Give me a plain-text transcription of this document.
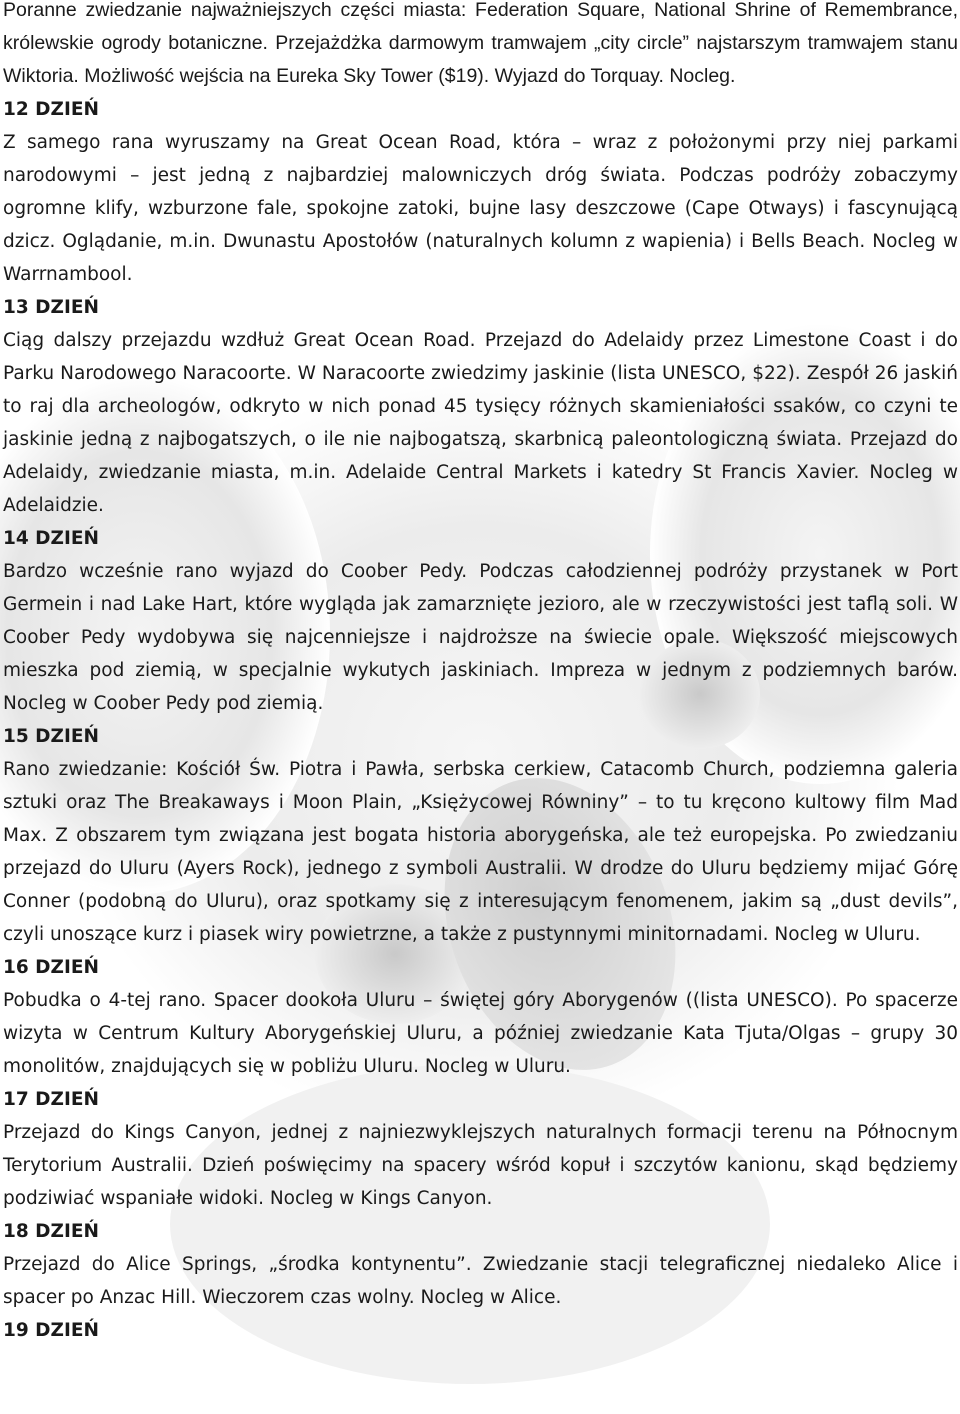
Poranne zwiedzanie najważniejszych części miasta: Federation Square, National Shrine of Remembrance, królewskie ogrody botaniczne. Przejażdżka darmowym tramwajem „city circle” najstarszym tramwajem stanu Wiktoria. Możliwość wejścia na Eureka Sky Tower ($19). Wyjazd do Torquay. Nocleg.

12 DZIEŃ

Z samego rana wyruszamy na Great Ocean Road, która – wraz z położonymi przy niej parkami narodowymi – jest jedną z najbardziej malowniczych dróg świata. Podczas podróży zobaczymy ogromne klify, wzburzone fale, spokojne zatoki, bujne lasy deszczowe (Cape Otways) i fascynującą dzicz. Oglądanie, m.in. Dwunastu Apostołów (naturalnych kolumn z wapienia) i Bells Beach. Nocleg w Warrnambool.

13 DZIEŃ

Ciąg dalszy przejazdu wzdłuż Great Ocean Road. Przejazd do Adelaidy przez Limestone Coast i do Parku Narodowego Naracoorte. W Naracoorte zwiedzimy jaskinie (lista UNESCO, $22). Zespół 26 jaskiń to raj dla archeologów, odkryto w nich ponad 45 tysięcy różnych skamieniałości ssaków, co czyni te jaskinie jedną z najbogatszych, o ile nie najbogatszą, skarbnicą paleontologiczną świata. Przejazd do Adelaidy, zwiedzanie miasta, m.in. Adelaide Central Markets i katedry St Francis Xavier. Nocleg w Adelaidzie.

14 DZIEŃ

Bardzo wcześnie rano wyjazd do Coober Pedy. Podczas całodziennej podróży przystanek w Port Germein i nad Lake Hart, które wygląda jak zamarznięte jezioro, ale w rzeczywistości jest taflą soli. W Coober Pedy wydobywa się najcenniejsze i najdroższe na świecie opale. Większość miejscowych mieszka pod ziemią, w specjalnie wykutych jaskiniach. Impreza w jednym z podziemnych barów. Nocleg w Coober Pedy pod ziemią.

15 DZIEŃ

Rano zwiedzanie: Kościół Św. Piotra i Pawła, serbska cerkiew, Catacomb Church, podziemna galeria sztuki oraz The Breakaways i Moon Plain, „Księżycowej Równiny” – to tu kręcono kultowy film Mad Max. Z obszarem tym związana jest bogata historia aborygeńska, ale też europejska. Po zwiedzaniu przejazd do Uluru (Ayers Rock), jednego z symboli Australii. W drodze do Uluru będziemy mijać Górę Conner (podobną do Uluru), oraz spotkamy się z interesującym fenomenem, jakim są „dust devils”, czyli unoszące kurz i piasek wiry powietrzne, a także z pustynnymi minitornadami. Nocleg w Uluru.

16 DZIEŃ

Pobudka o 4-tej rano. Spacer dookoła Uluru – świętej góry Aborygenów ((lista UNESCO). Po spacerze wizyta w Centrum Kultury Aborygeńskiej Uluru, a później zwiedzanie Kata Tjuta/Olgas – grupy 30 monolitów, znajdujących się w pobliżu Uluru. Nocleg w Uluru.

17 DZIEŃ

Przejazd do Kings Canyon, jednej z najniezwyklejszych naturalnych formacji terenu na Północnym Terytorium Australii. Dzień poświęcimy na spacery wśród kopuł i szczytów kanionu, skąd będziemy podziwiać wspaniałe widoki. Nocleg w Kings Canyon.

18 DZIEŃ

Przejazd do Alice Springs, „środka kontynentu”. Zwiedzanie stacji telegraficznej niedaleko Alice i spacer po Anzac Hill. Wieczorem czas wolny. Nocleg w Alice.

19 DZIEŃ
